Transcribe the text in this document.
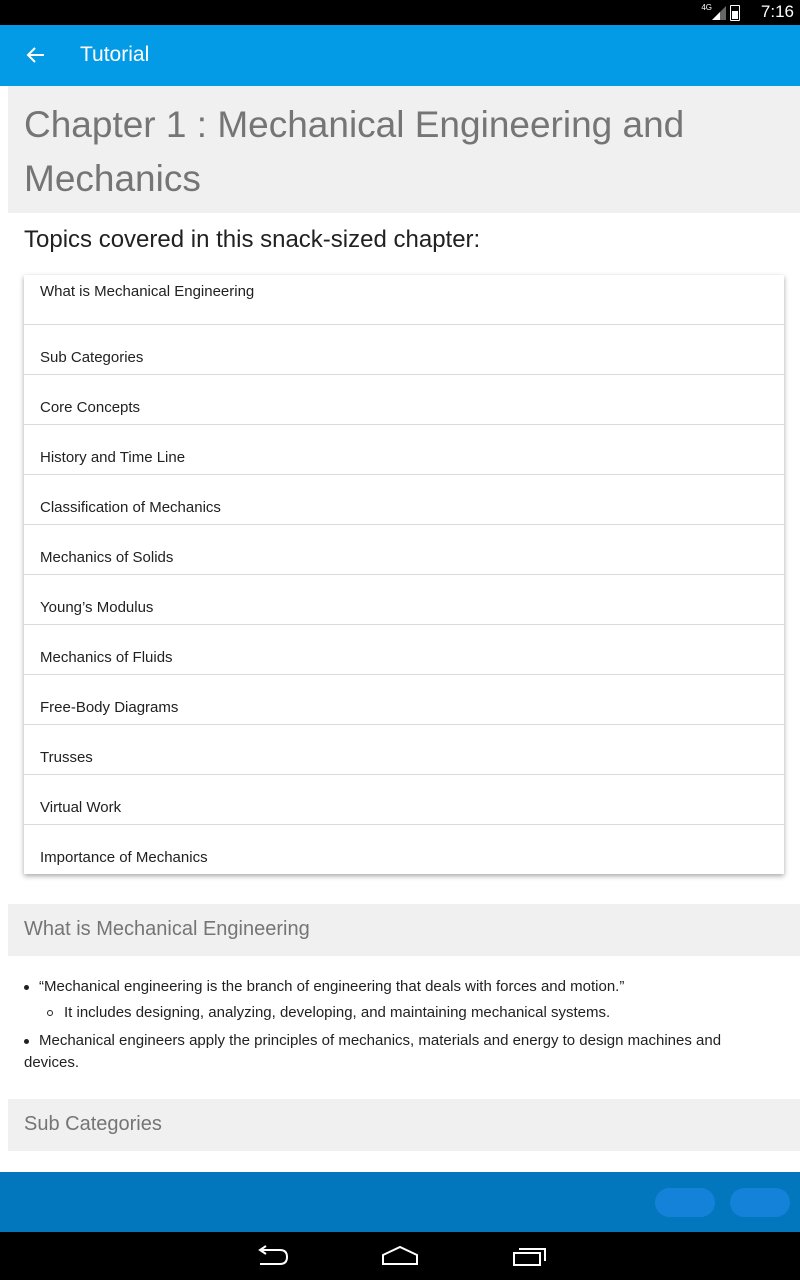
4G	7:16
Tutorial
Chapter 1 : Mechanical Engineering and Mechanics

Topics covered in this snack-sized chapter:

What is Mechanical Engineering
Sub Categories
Core Concepts
History and Time Line
Classification of Mechanics
Mechanics of Solids
Young’s Modulus
Mechanics of Fluids
Free-Body Diagrams
Trusses
Virtual Work
Importance of Mechanics
What is Mechanical Engineering
“Mechanical engineering is the branch of engineering that deals with forces and motion.”
It includes designing, analyzing, developing, and maintaining mechanical systems.
Mechanical engineers apply the principles of mechanics, materials and energy to design machines and devices.
Sub Categories
